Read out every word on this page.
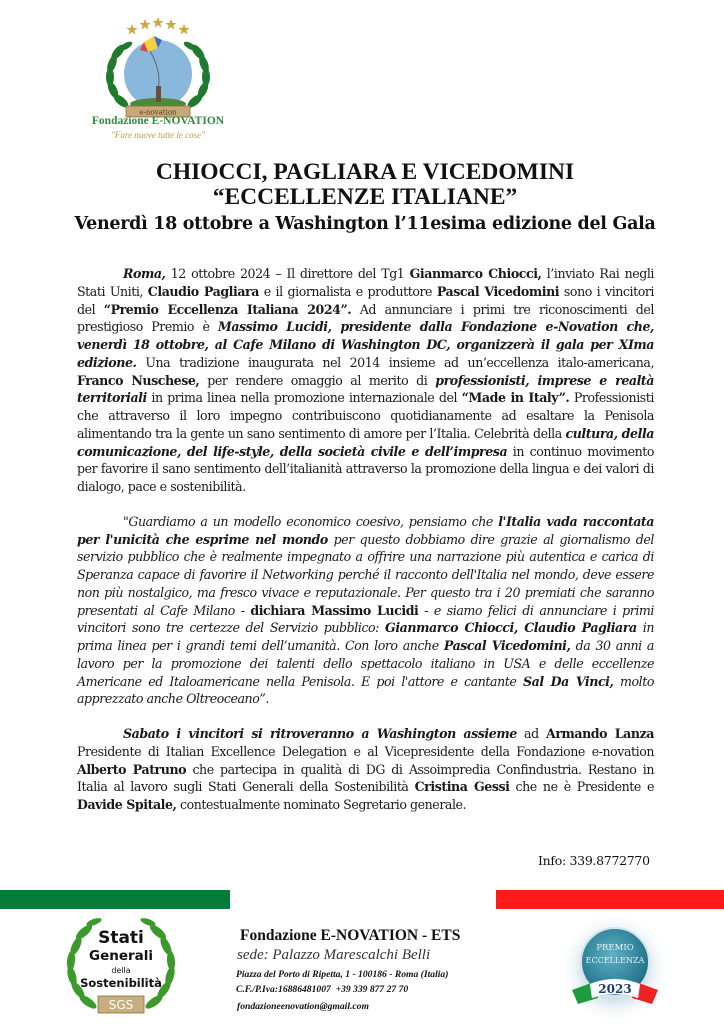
e-novation
Fondazione E-NOVATION
"Fare nuove tutte le cose"
CHIOCCI, PAGLIARA E VICEDOMINI
“ECCELLENZE ITALIANE”
Venerdì 18 ottobre a Washington l’11esima edizione del Gala

Roma, 12 ottobre 2024 – Il direttore del Tg1 Gianmarco Chiocci, l’inviato Rai negli Stati Uniti, Claudio Pagliara e il giornalista e produttore Pascal Vicedomini sono i vincitori del “Premio Eccellenza Italiana 2024”. Ad annunciare i primi tre riconoscimenti del prestigioso Premio è Massimo Lucidi, presidente dalla Fondazione e-Novation che, venerdì 18 ottobre, al Cafe Milano di Washington DC, organizzerà il gala per XIma edizione. Una tradizione inaugurata nel 2014 insieme ad un’eccellenza italo-americana, Franco Nuschese, per rendere omaggio al merito di professionisti, imprese e realtà territoriali in prima linea nella promozione internazionale del “Made in Italy”. Professionisti che attraverso il loro impegno contribuiscono quotidianamente ad esaltare la Penisola alimentando tra la gente un sano sentimento di amore per l’Italia. Celebrità della cultura, della comunicazione, del life-style, della società civile e dell’impresa in continuo movimento per favorire il sano sentimento dell’italianità attraverso la promozione della lingua e dei valori di dialogo, pace e sostenibilità.

"Guardiamo a un modello economico coesivo, pensiamo che l'Italia vada raccontata per l'unicità che esprime nel mondo per questo dobbiamo dire grazie al giornalismo del servizio pubblico che è realmente impegnato a offrire una narrazione più autentica e carica di Speranza capace di favorire il Networking perché il racconto dell'Italia nel mondo, deve essere non più nostalgico, ma fresco vivace e reputazionale. Per questo tra i 20 premiati che saranno presentati al Cafe Milano - dichiara Massimo Lucidi - e siamo felici di annunciare i primi vincitori sono tre certezze del Servizio pubblico: Gianmarco Chiocci, Claudio Pagliara in prima linea per i grandi temi dell’umanità. Con loro anche Pascal Vicedomini, da 30 anni a lavoro per la promozione dei talenti dello spettacolo italiano in USA e delle eccellenze Americane ed Italoamericane nella Penisola. E poi l'attore e cantante Sal Da Vinci, molto apprezzato anche Oltreoceano”.

Sabato i vincitori si ritroveranno a Washington assieme ad Armando Lanza Presidente di Italian Excellence Delegation e al Vicepresidente della Fondazione e-novation Alberto Patruno che partecipa in qualità di DG di Assoimpredia Confindustria. Restano in Italia al lavoro sugli Stati Generali della Sostenibilità Cristina Gessi che ne è Presidente e Davide Spitale, contestualmente nominato Segretario generale.

Info: 339.8772770
Stati
Generali
della
Sostenibilità
SGS
Fondazione E-NOVATION - ETS
sede: Palazzo Marescalchi Belli
Piazza del Porto di Ripetta, 1 - 100186 - Roma (Italia)
C.F./P.Iva:16886481007  +39 339 877 27 70
fondazioneenovation@gmail.com
PREMIO
ECCELLENZA
2023
